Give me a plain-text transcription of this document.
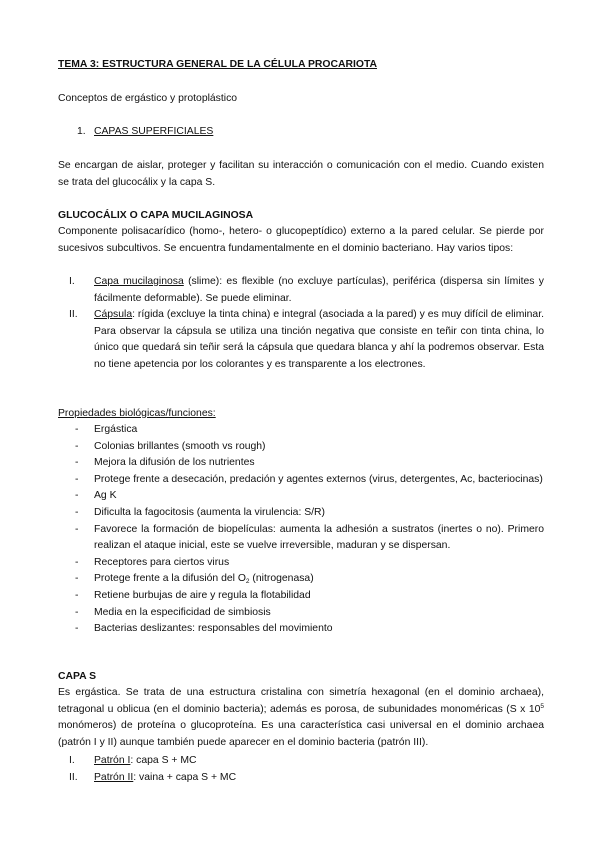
TEMA 3: ESTRUCTURA GENERAL DE LA CÉLULA PROCARIOTA

Conceptos de ergástico y protoplástico

1. CAPAS SUPERFICIALES

Se encargan de aislar, proteger y facilitan su interacción o comunicación con el medio. Cuando existen se trata del glucocálix y la capa S.

GLUCOCÁLIX O CAPA MUCILAGINOSA

Componente polisacarídico (homo-, hetero- o glucopeptídico) externo a la pared celular. Se pierde por sucesivos subcultivos. Se encuentra fundamentalmente en el dominio bacteriano. Hay varios tipos:

I. Capa mucilaginosa (slime): es flexible (no excluye partículas), periférica (dispersa sin límites y fácilmente deformable). Se puede eliminar.
II. Cápsula: rígida (excluye la tinta china) e integral (asociada a la pared) y es muy difícil de eliminar. Para observar la cápsula se utiliza una tinción negativa que consiste en teñir con tinta china, lo único que quedará sin teñir será la cápsula que quedara blanca y ahí la podremos observar. Esta no tiene apetencia por los colorantes y es transparente a los electrones.

Propiedades biológicas/funciones:

- Ergástica
- Colonias brillantes (smooth vs rough)
- Mejora la difusión de los nutrientes
- Protege frente a desecación, predación y agentes externos (virus, detergentes, Ac, bacteriocinas)
- Ag K
- Dificulta la fagocitosis (aumenta la virulencia: S/R)
- Favorece la formación de biopelículas: aumenta la adhesión a sustratos (inertes o no). Primero realizan el ataque inicial, este se vuelve irreversible, maduran y se dispersan.
- Receptores para ciertos virus
- Protege frente a la difusión del $O_2$ (nitrogenasa)
- Retiene burbujas de aire y regula la flotabilidad
- Media en la especificidad de simbiosis
- Bacterias deslizantes: responsables del movimiento

CAPA S

Es ergástica. Se trata de una estructura cristalina con simetría hexagonal (en el dominio archaea), tetragonal u oblicua (en el dominio bacteria); además es porosa, de subunidades monoméricas (S x $10^5$ monómeros) de proteína o glucoproteína. Es una característica casi universal en el dominio archaea (patrón I y II) aunque también puede aparecer en el dominio bacteria (patrón III).

I. Patrón I: capa S + MC
II. Patrón II: vaina + capa S + MC
